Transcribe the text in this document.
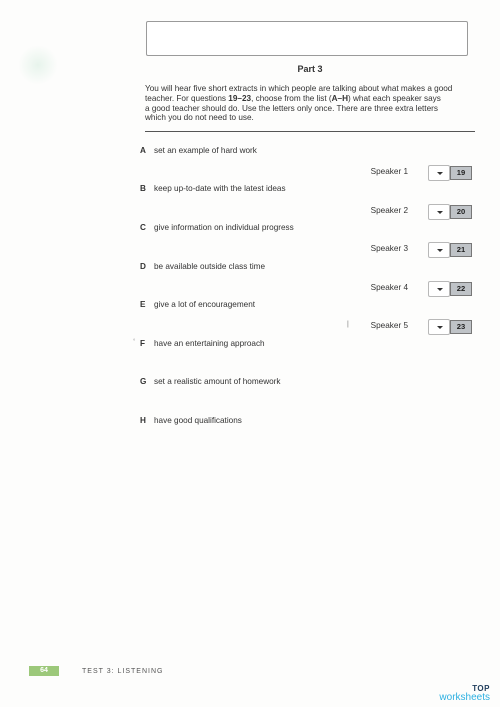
Part 3
You will hear five short extracts in which people are talking about what makes a good
teacher. For questions 19–23, choose from the list (A–H) what each speaker says
a good teacher should do. Use the letters only once. There are three extra letters
which you do not need to use.
A set an example of hard work
B keep up-to-date with the latest ideas
C give information on individual progress
D be available outside class time
E give a lot of encouragement
° F have an entertaining approach
G set a realistic amount of homework
H have good qualifications
Speaker 1	19
Speaker 2	20
Speaker 3	21
Speaker 4	22
|	Speaker 5	23
64	TEST 3: LISTENING
TOP
worksheets
